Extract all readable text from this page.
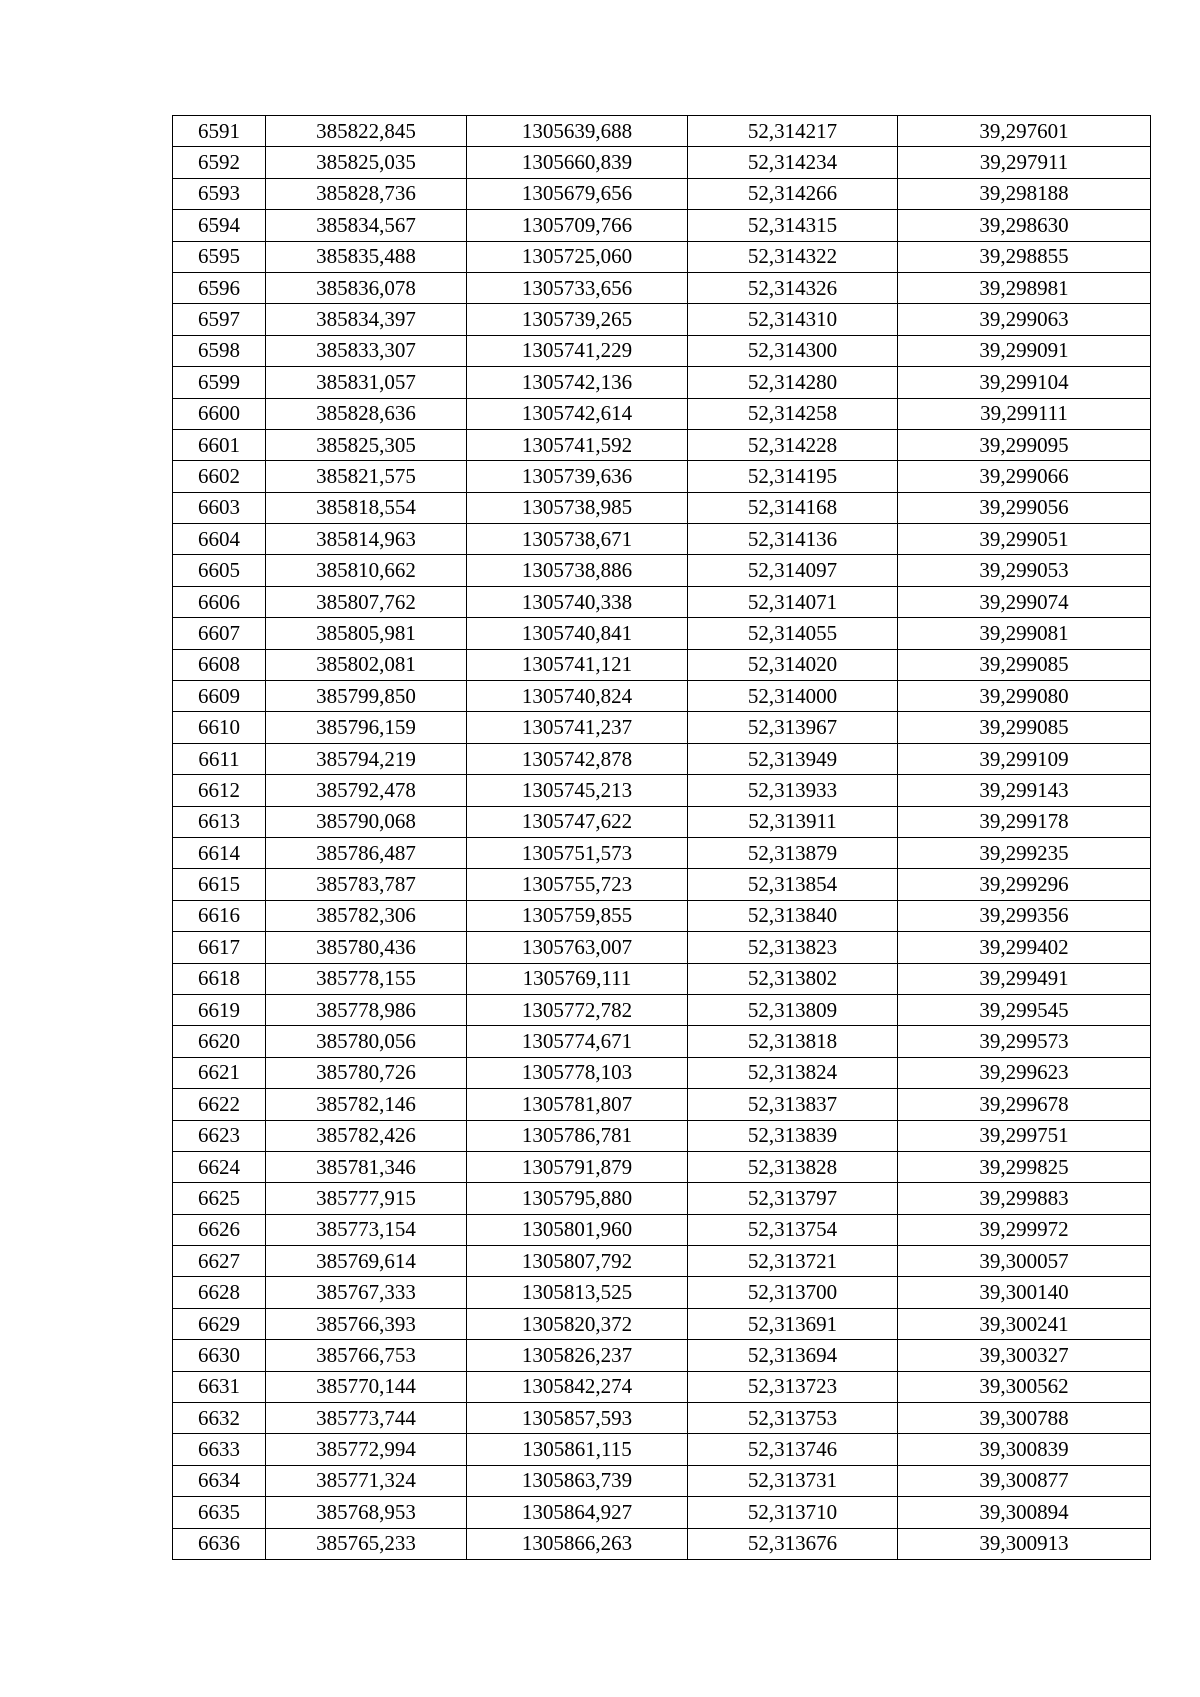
6591	385822,845	1305639,688	52,314217	39,297601
6592	385825,035	1305660,839	52,314234	39,297911
6593	385828,736	1305679,656	52,314266	39,298188
6594	385834,567	1305709,766	52,314315	39,298630
6595	385835,488	1305725,060	52,314322	39,298855
6596	385836,078	1305733,656	52,314326	39,298981
6597	385834,397	1305739,265	52,314310	39,299063
6598	385833,307	1305741,229	52,314300	39,299091
6599	385831,057	1305742,136	52,314280	39,299104
6600	385828,636	1305742,614	52,314258	39,299111
6601	385825,305	1305741,592	52,314228	39,299095
6602	385821,575	1305739,636	52,314195	39,299066
6603	385818,554	1305738,985	52,314168	39,299056
6604	385814,963	1305738,671	52,314136	39,299051
6605	385810,662	1305738,886	52,314097	39,299053
6606	385807,762	1305740,338	52,314071	39,299074
6607	385805,981	1305740,841	52,314055	39,299081
6608	385802,081	1305741,121	52,314020	39,299085
6609	385799,850	1305740,824	52,314000	39,299080
6610	385796,159	1305741,237	52,313967	39,299085
6611	385794,219	1305742,878	52,313949	39,299109
6612	385792,478	1305745,213	52,313933	39,299143
6613	385790,068	1305747,622	52,313911	39,299178
6614	385786,487	1305751,573	52,313879	39,299235
6615	385783,787	1305755,723	52,313854	39,299296
6616	385782,306	1305759,855	52,313840	39,299356
6617	385780,436	1305763,007	52,313823	39,299402
6618	385778,155	1305769,111	52,313802	39,299491
6619	385778,986	1305772,782	52,313809	39,299545
6620	385780,056	1305774,671	52,313818	39,299573
6621	385780,726	1305778,103	52,313824	39,299623
6622	385782,146	1305781,807	52,313837	39,299678
6623	385782,426	1305786,781	52,313839	39,299751
6624	385781,346	1305791,879	52,313828	39,299825
6625	385777,915	1305795,880	52,313797	39,299883
6626	385773,154	1305801,960	52,313754	39,299972
6627	385769,614	1305807,792	52,313721	39,300057
6628	385767,333	1305813,525	52,313700	39,300140
6629	385766,393	1305820,372	52,313691	39,300241
6630	385766,753	1305826,237	52,313694	39,300327
6631	385770,144	1305842,274	52,313723	39,300562
6632	385773,744	1305857,593	52,313753	39,300788
6633	385772,994	1305861,115	52,313746	39,300839
6634	385771,324	1305863,739	52,313731	39,300877
6635	385768,953	1305864,927	52,313710	39,300894
6636	385765,233	1305866,263	52,313676	39,300913
